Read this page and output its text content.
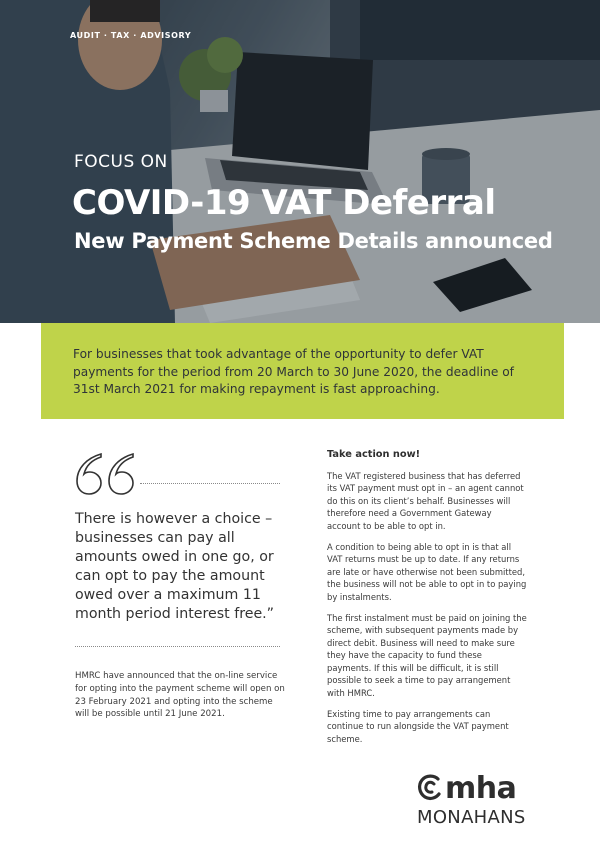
AUDIT · TAX · ADVISORY
FOCUS ON
COVID-19 VAT Deferral
New Payment Scheme Details announced

For businesses that took advantage of the opportunity to defer VAT payments for the period from 20 March to 30 June 2020, the deadline of 31st March 2021 for making repayment is fast approaching.

There is however a choice – businesses can pay all amounts owed in one go, or can opt to pay the amount owed over a maximum 11 month period interest free.”

HMRC have announced that the on-line service for opting into the payment scheme will open on 23 February 2021 and opting into the scheme will be possible until 21 June 2021.

Take action now!

The VAT registered business that has deferred its VAT payment must opt in – an agent cannot do this on its client’s behalf. Businesses will therefore need a Government Gateway account to be able to opt in.

A condition to being able to opt in is that all VAT returns must be up to date. If any returns are late or have otherwise not been submitted, the business will not be able to opt in to paying by instalments.

The first instalment must be paid on joining the scheme, with subsequent payments made by direct debit. Business will need to make sure they have the capacity to fund these payments. If this will be difficult, it is still possible to seek a time to pay arrangement with HMRC.

Existing time to pay arrangements can continue to run alongside the VAT payment scheme.

mha
MONAHANS
